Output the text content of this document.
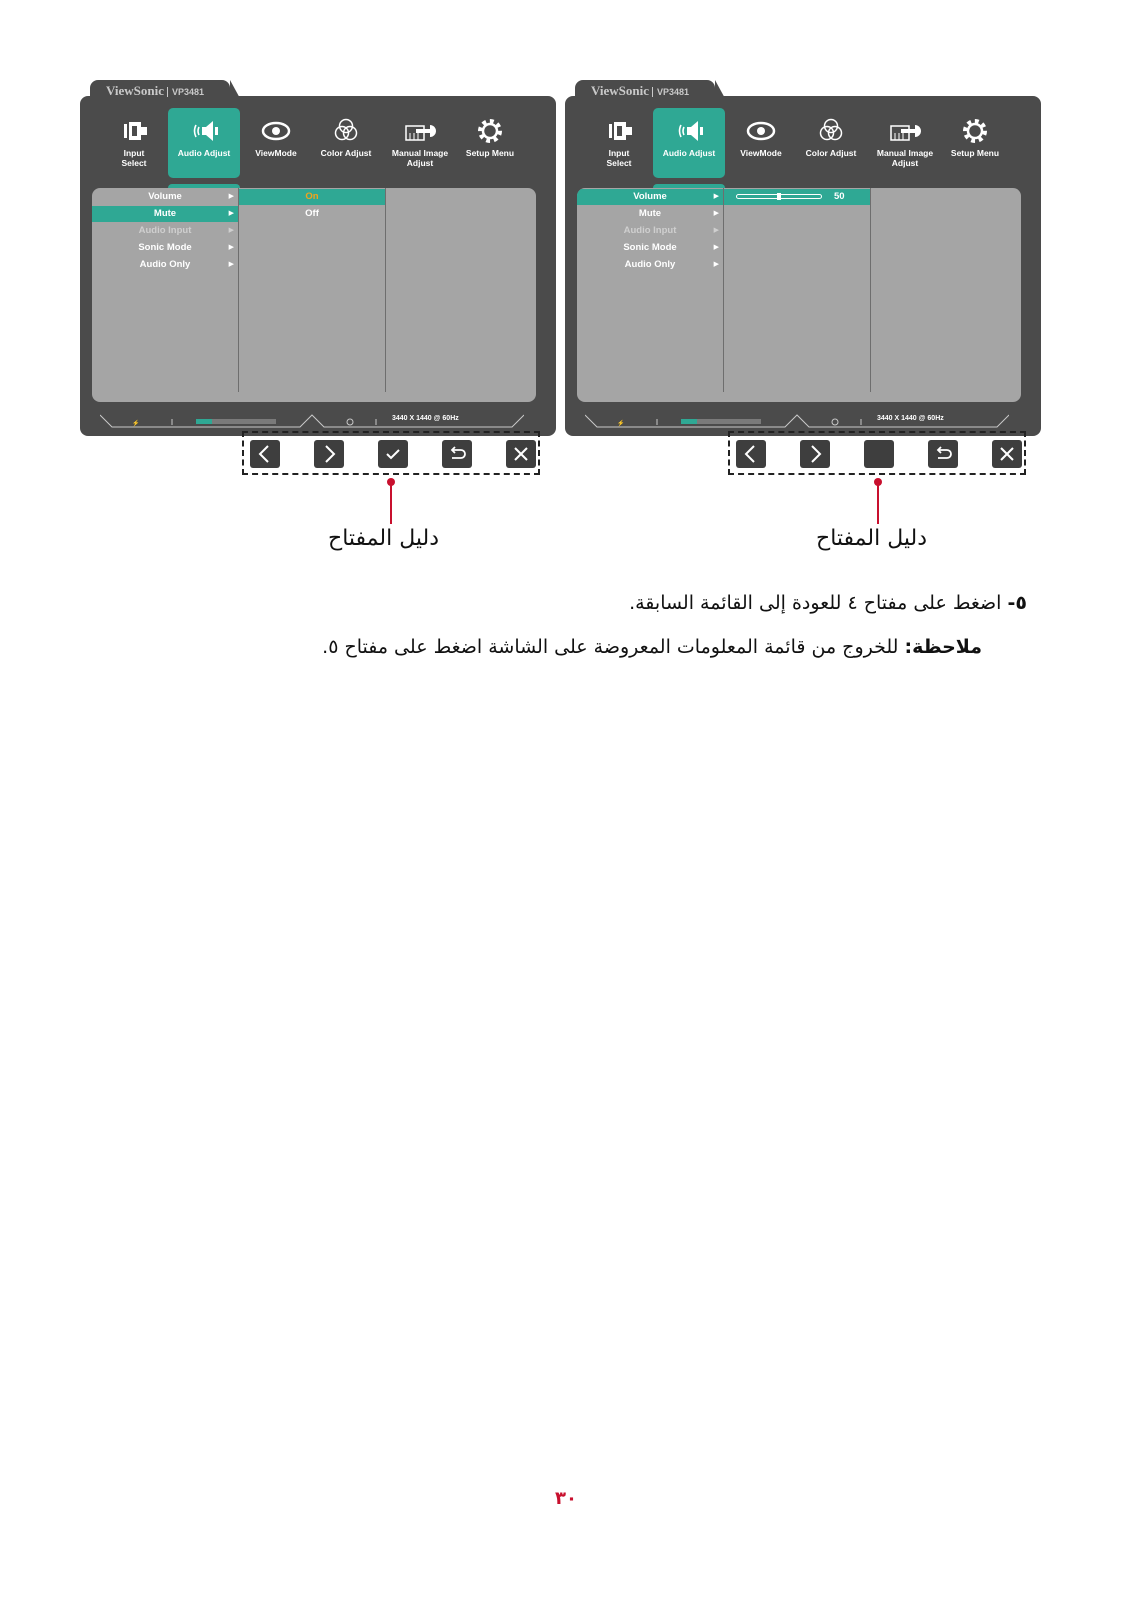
ViewSonic VP3481
Input
Select
Audio Adjust	ViewMode	Color Adjust	Manual Image
Adjust
Setup Menu
Volume	▶
Mute	▶
Audio Input	▶
Sonic Mode	▶
Audio Only	▶
On
Off
⚡
3440 X 1440 @ 60Hz
ViewSonic VP3481
Input
Select
Audio Adjust	ViewMode	Color Adjust	Manual Image
Adjust
Setup Menu
Volume	▶
Mute	▶
Audio Input	▶
Sonic Mode	▶
Audio Only	▶
50
⚡
3440 X 1440 @ 60Hz
دليل المفتاح	دليل المفتاح
٥- اضغط على مفتاح ٤ للعودة إلى القائمة السابقة.
ملاحظة: للخروج من قائمة المعلومات المعروضة على الشاشة اضغط على مفتاح ٥.
٣٠
